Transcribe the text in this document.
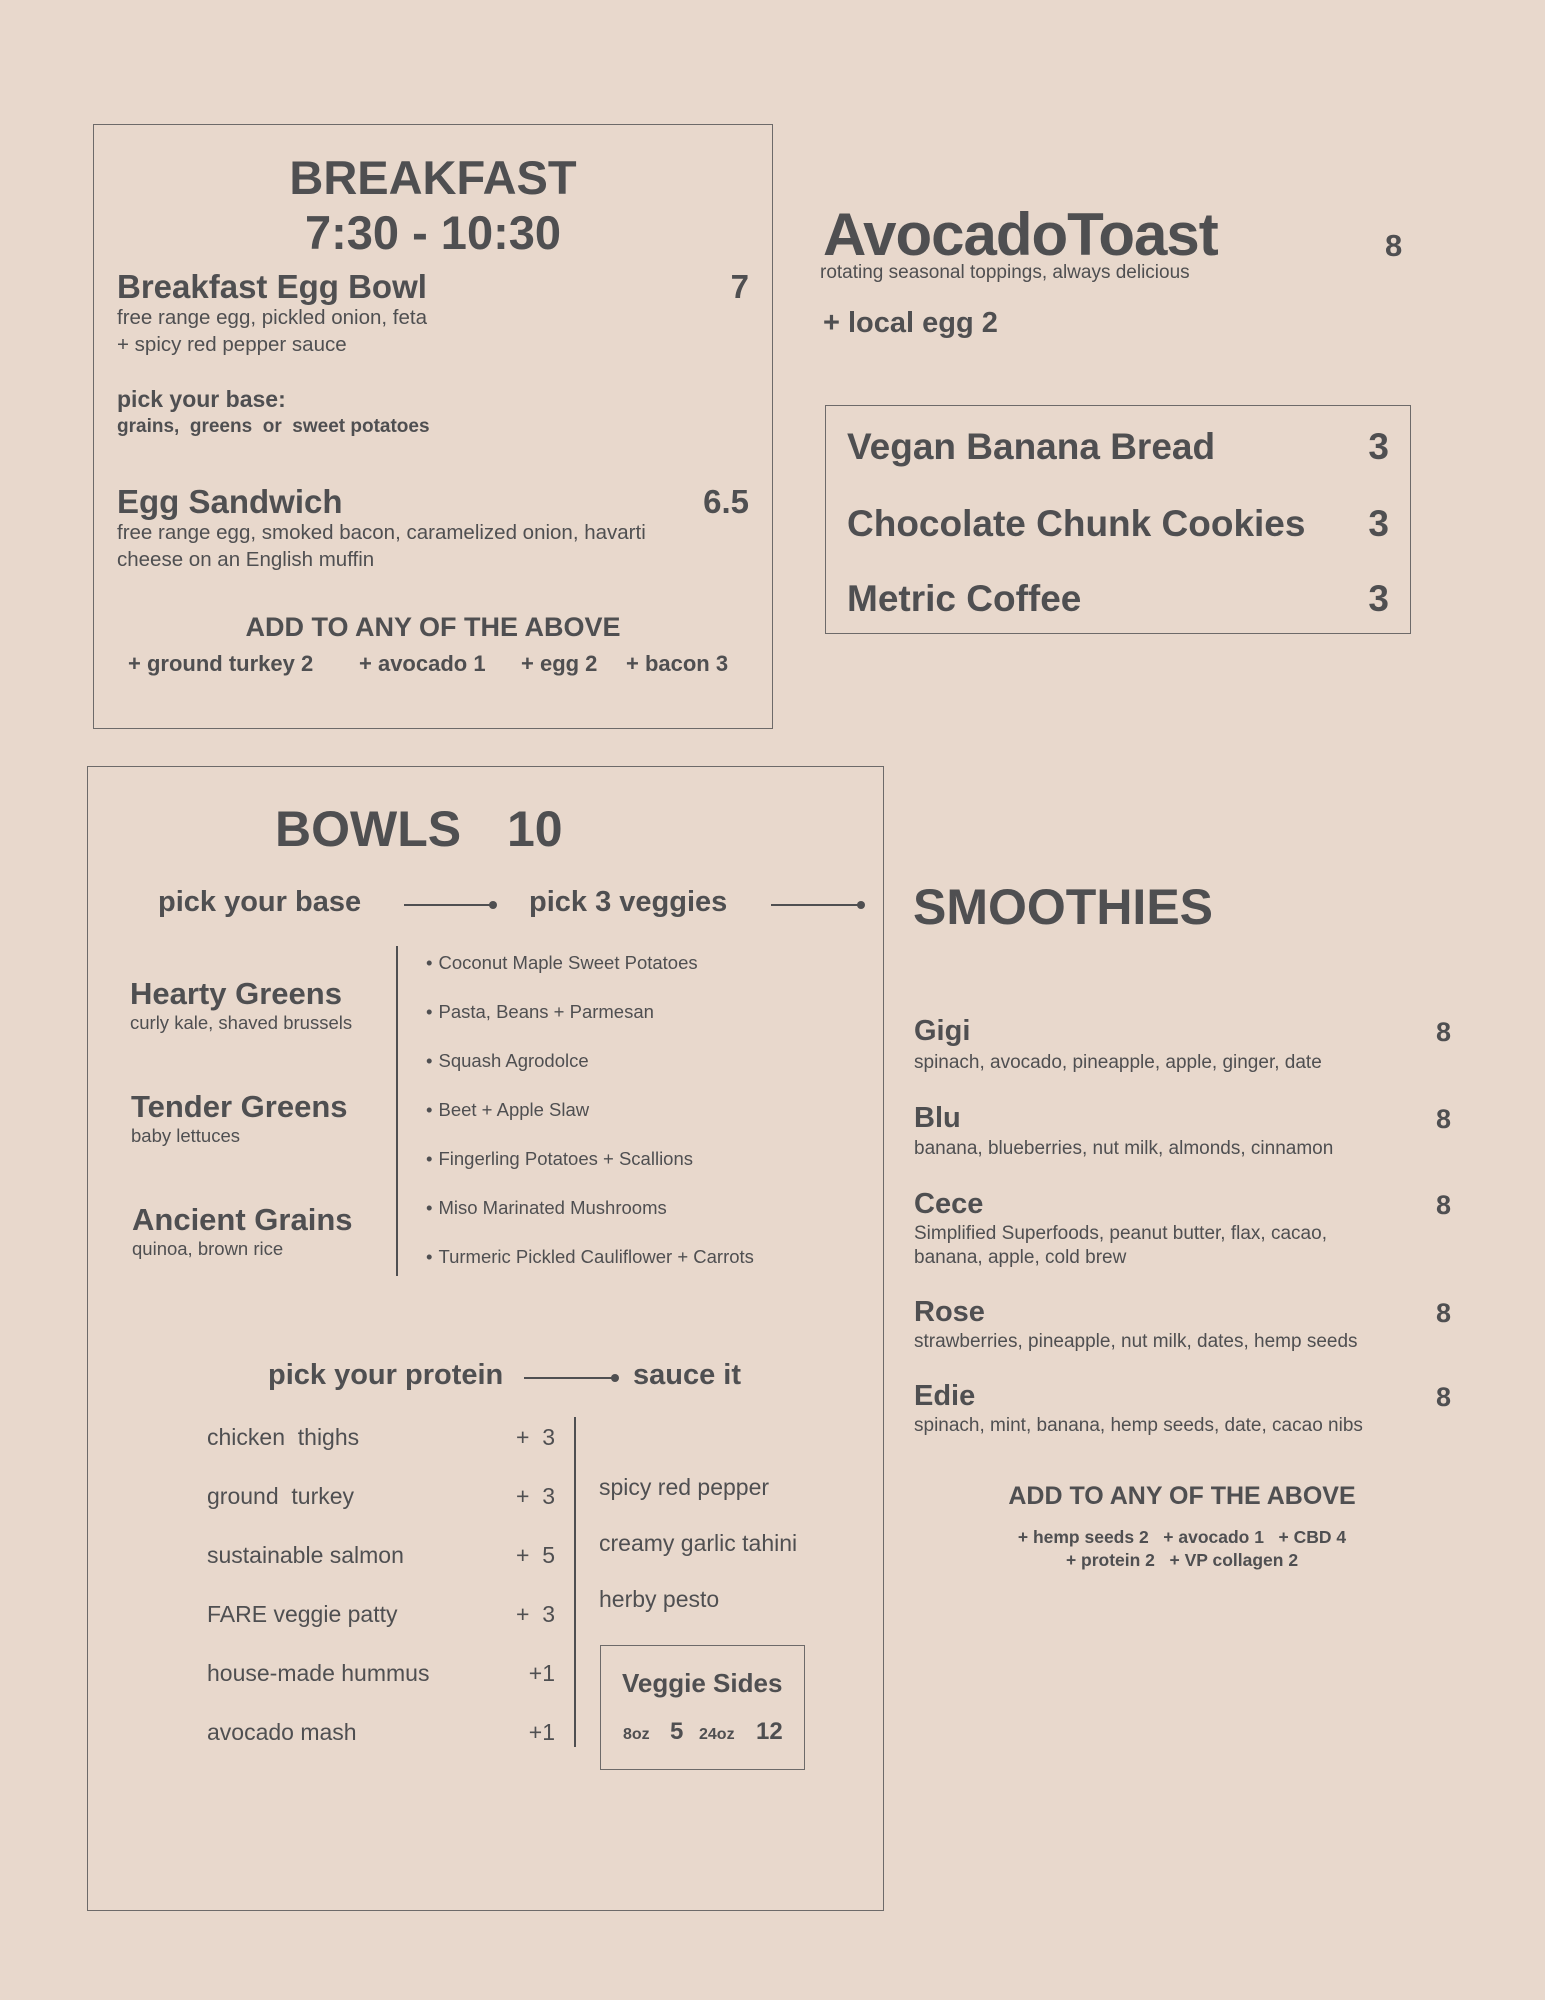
BREAKFAST
7:30 - 10:30
Breakfast Egg Bowl	7
free range egg, pickled onion, feta
+ spicy red pepper sauce
pick your base:
grains,  greens  or  sweet potatoes
Egg Sandwich	6.5
free range egg, smoked bacon, caramelized onion, havarti
cheese on an English muffin
ADD TO ANY OF THE ABOVE
+ ground turkey 2 + avocado 1 + egg 2 + bacon 3
AvocadoToast	8
rotating seasonal toppings, always delicious
+ local egg 2
Vegan Banana Bread	3
Chocolate Chunk Cookies 3
Metric Coffee	3
BOWLS 10
pick your base	pick 3 veggies
Hearty Greens
curly kale, shaved brussels
Tender Greens
baby lettuces
Ancient Grains
quinoa, brown rice
• Coconut Maple Sweet Potatoes
• Pasta, Beans + Parmesan
• Squash Agrodolce
• Beet + Apple Slaw
• Fingerling Potatoes + Scallions
• Miso Marinated Mushrooms
• Turmeric Pickled Cauliflower + Carrots
pick your protein	sauce it
chicken  thighs	+  3
ground  turkey	+  3
sustainable salmon	+  5
FARE veggie patty	+  3
house-made hummus	+1
avocado mash	+1
spicy red pepper
creamy garlic tahini
herby pesto
Veggie Sides
8oz 5 24oz 12
SMOOTHIES
Gigi	8
spinach, avocado, pineapple, apple, ginger, date
Blu	8
banana, blueberries, nut milk, almonds, cinnamon
Cece	8
Simplified Superfoods, peanut butter, flax, cacao,
banana, apple, cold brew
Rose	8
strawberries, pineapple, nut milk, dates, hemp seeds
Edie	8
spinach, mint, banana, hemp seeds, date, cacao nibs
ADD TO ANY OF THE ABOVE
+ hemp seeds 2   + avocado 1   + CBD 4
+ protein 2   + VP collagen 2
